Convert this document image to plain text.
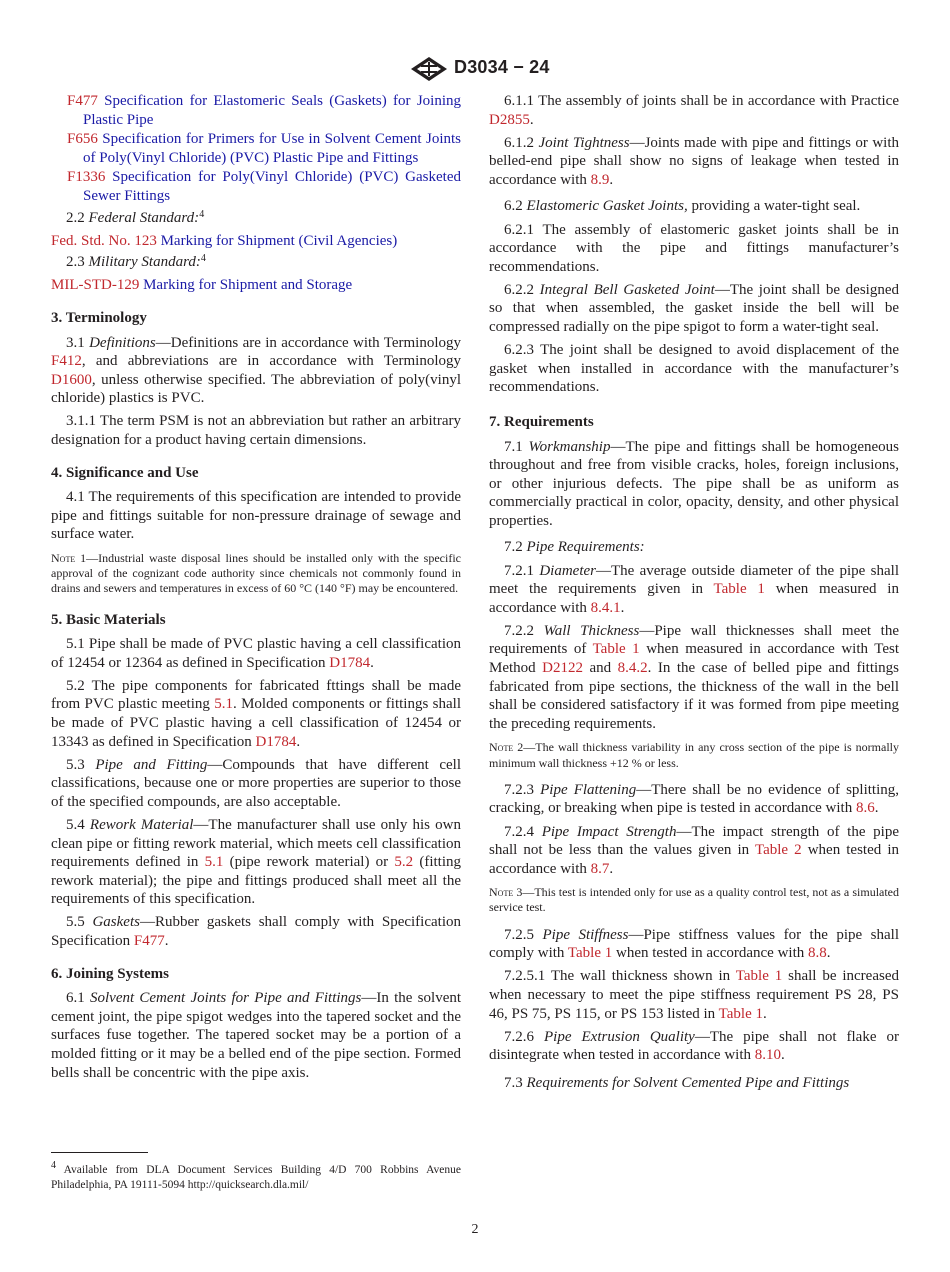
D3034 − 24
F477 Specification for Elastomeric Seals (Gaskets) for Joining Plastic Pipe
F656 Specification for Primers for Use in Solvent Cement Joints of Poly(Vinyl Chloride) (PVC) Plastic Pipe and Fittings
F1336 Specification for Poly(Vinyl Chloride) (PVC) Gasketed Sewer Fittings

2.2 Federal Standard:$^4$

Fed. Std. No. 123 Marking for Shipment (Civil Agencies)

2.3 Military Standard:$^4$

MIL-STD-129 Marking for Shipment and Storage
3. Terminology

3.1 Definitions—Definitions are in accordance with Terminology F412, and abbreviations are in accordance with Terminology D1600, unless otherwise specified. The abbreviation of poly(vinyl chloride) plastics is PVC.

3.1.1 The term PSM is not an abbreviation but rather an arbitrary designation for a product having certain dimensions.

4. Significance and Use

4.1 The requirements of this specification are intended to provide pipe and fittings suitable for non-pressure drainage of sewage and surface water.

Note 1—Industrial waste disposal lines should be installed only with the specific approval of the cognizant code authority since chemicals not commonly found in drains and sewers and temperatures in excess of 60 °C (140 °F) may be encountered.

5. Basic Materials

5.1 Pipe shall be made of PVC plastic having a cell classification of 12454 or 12364 as defined in Specification D1784.

5.2 The pipe components for fabricated fttings shall be made from PVC plastic meeting 5.1. Molded components or fittings shall be made of PVC plastic having a cell classification of 12454 or 13343 as defined in Specification D1784.

5.3 Pipe and Fitting—Compounds that have different cell classifications, because one or more properties are superior to those of the specified compounds, are also acceptable.

5.4 Rework Material—The manufacturer shall use only his own clean pipe or fitting rework material, which meets cell classification requirements defined in 5.1 (pipe rework material) or 5.2 (fitting rework material); the pipe and fittings produced shall meet all the requirements of this specification.

5.5 Gaskets—Rubber gaskets shall comply with Specification Specification F477.

6. Joining Systems

6.1 Solvent Cement Joints for Pipe and Fittings—In the solvent cement joint, the pipe spigot wedges into the tapered socket and the surfaces fuse together. The tapered socket may be a portion of a molded fitting or it may be a belled end of the pipe section. Formed bells shall be concentric with the pipe axis.

6.1.1 The assembly of joints shall be in accordance with Practice D2855.

6.1.2 Joint Tightness—Joints made with pipe and fittings or with belled-end pipe shall show no signs of leakage when tested in accordance with 8.9.

6.2 Elastomeric Gasket Joints, providing a water-tight seal.

6.2.1 The assembly of elastomeric gasket joints shall be in accordance with the pipe and fittings manufacturer’s recommendations.

6.2.2 Integral Bell Gasketed Joint—The joint shall be designed so that when assembled, the gasket inside the bell will be compressed radially on the pipe spigot to form a water-tight seal.

6.2.3 The joint shall be designed to avoid displacement of the gasket when installed in accordance with the manufacturer’s recommendations.

7. Requirements

7.1 Workmanship—The pipe and fittings shall be homogeneous throughout and free from visible cracks, holes, foreign inclusions, or other injurious defects. The pipe shall be as uniform as commercially practical in color, opacity, density, and other physical properties.

7.2 Pipe Requirements:

7.2.1 Diameter—The average outside diameter of the pipe shall meet the requirements given in Table 1 when measured in accordance with 8.4.1.

7.2.2 Wall Thickness—Pipe wall thicknesses shall meet the requirements of Table 1 when measured in accordance with Test Method D2122 and 8.4.2. In the case of belled pipe and fittings fabricated from pipe sections, the thickness of the wall in the bell shall be considered satisfactory if it was formed from pipe meeting the preceding requirements.

Note 2—The wall thickness variability in any cross section of the pipe is normally minimum wall thickness +12 % or less.

7.2.3 Pipe Flattening—There shall be no evidence of splitting, cracking, or breaking when pipe is tested in accordance with 8.6.

7.2.4 Pipe Impact Strength—The impact strength of the pipe shall not be less than the values given in Table 2 when tested in accordance with 8.7.

Note 3—This test is intended only for use as a quality control test, not as a simulated service test.

7.2.5 Pipe Stiffness—Pipe stiffness values for the pipe shall comply with Table 1 when tested in accordance with 8.8.

7.2.5.1 The wall thickness shown in Table 1 shall be increased when necessary to meet the pipe stiffness requirement PS 28, PS 46, PS 75, PS 115, or PS 153 listed in Table 1.

7.2.6 Pipe Extrusion Quality—The pipe shall not flake or disintegrate when tested in accordance with 8.10.

7.3 Requirements for Solvent Cemented Pipe and Fittings

$^4$ Available from DLA Document Services Building 4/D 700 Robbins Avenue Philadelphia, PA 19111-5094 http://quicksearch.dla.mil/
2
